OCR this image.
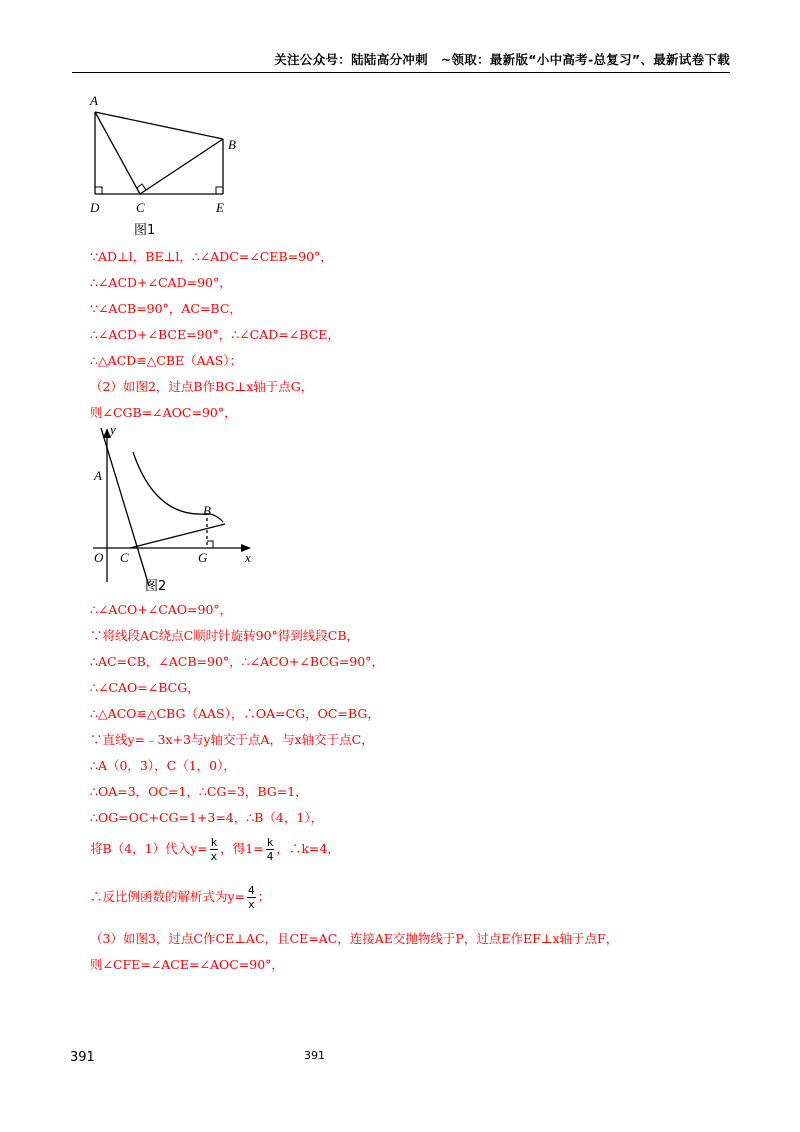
关注公众号：陆陆高分冲刺　~领取：最新版“小中高考-总复习”、最新试卷下载
A
B
C
D	E
图1
∵AD⊥l，BE⊥l，∴∠ADC=∠CEB=90°，
∴∠ACD+∠CAD=90°，
∵∠ACB=90°，AC=BC，
∴∠ACD+∠BCE=90°，∴∠CAD=∠BCE，
∴△ACD≌△CBE（AAS）；
（2）如图2，过点B作BG⊥x轴于点G，
则∠CGB=∠AOC=90°，
y
A
B
O C	G	x
图2
∴∠ACO+∠CAO=90°，
∵将线段AC绕点C顺时针旋转90°得到线段CB，
∴AC=CB，∠ACB=90°，∴∠ACO+∠BCG=90°，
∴∠CAO=∠BCG，
∴△ACO≌△CBG（AAS），∴OA=CG，OC=BG，
∵直线y=﹣3x+3与y轴交于点A，与x轴交于点C，
∴A（0，3），C（1，0），
∴OA=3，OC=1，∴CG=3，BG=1，
∴OG=OC+CG=1+3=4，∴B（4，1），
将B（4，1）代入$y= \frac{k}{x}$ ，得$1= \frac{k}{4}$ ，∴k=4，
∴反比例函数的解析式为$y= \frac{4}{x}$ ；
（3）如图3，过点C作CE⊥AC，且CE=AC，连接AE交抛物线于P，过点E作EF⊥x轴于点F，
则∠CFE=∠ACE=∠AOC=90°，
391	391
